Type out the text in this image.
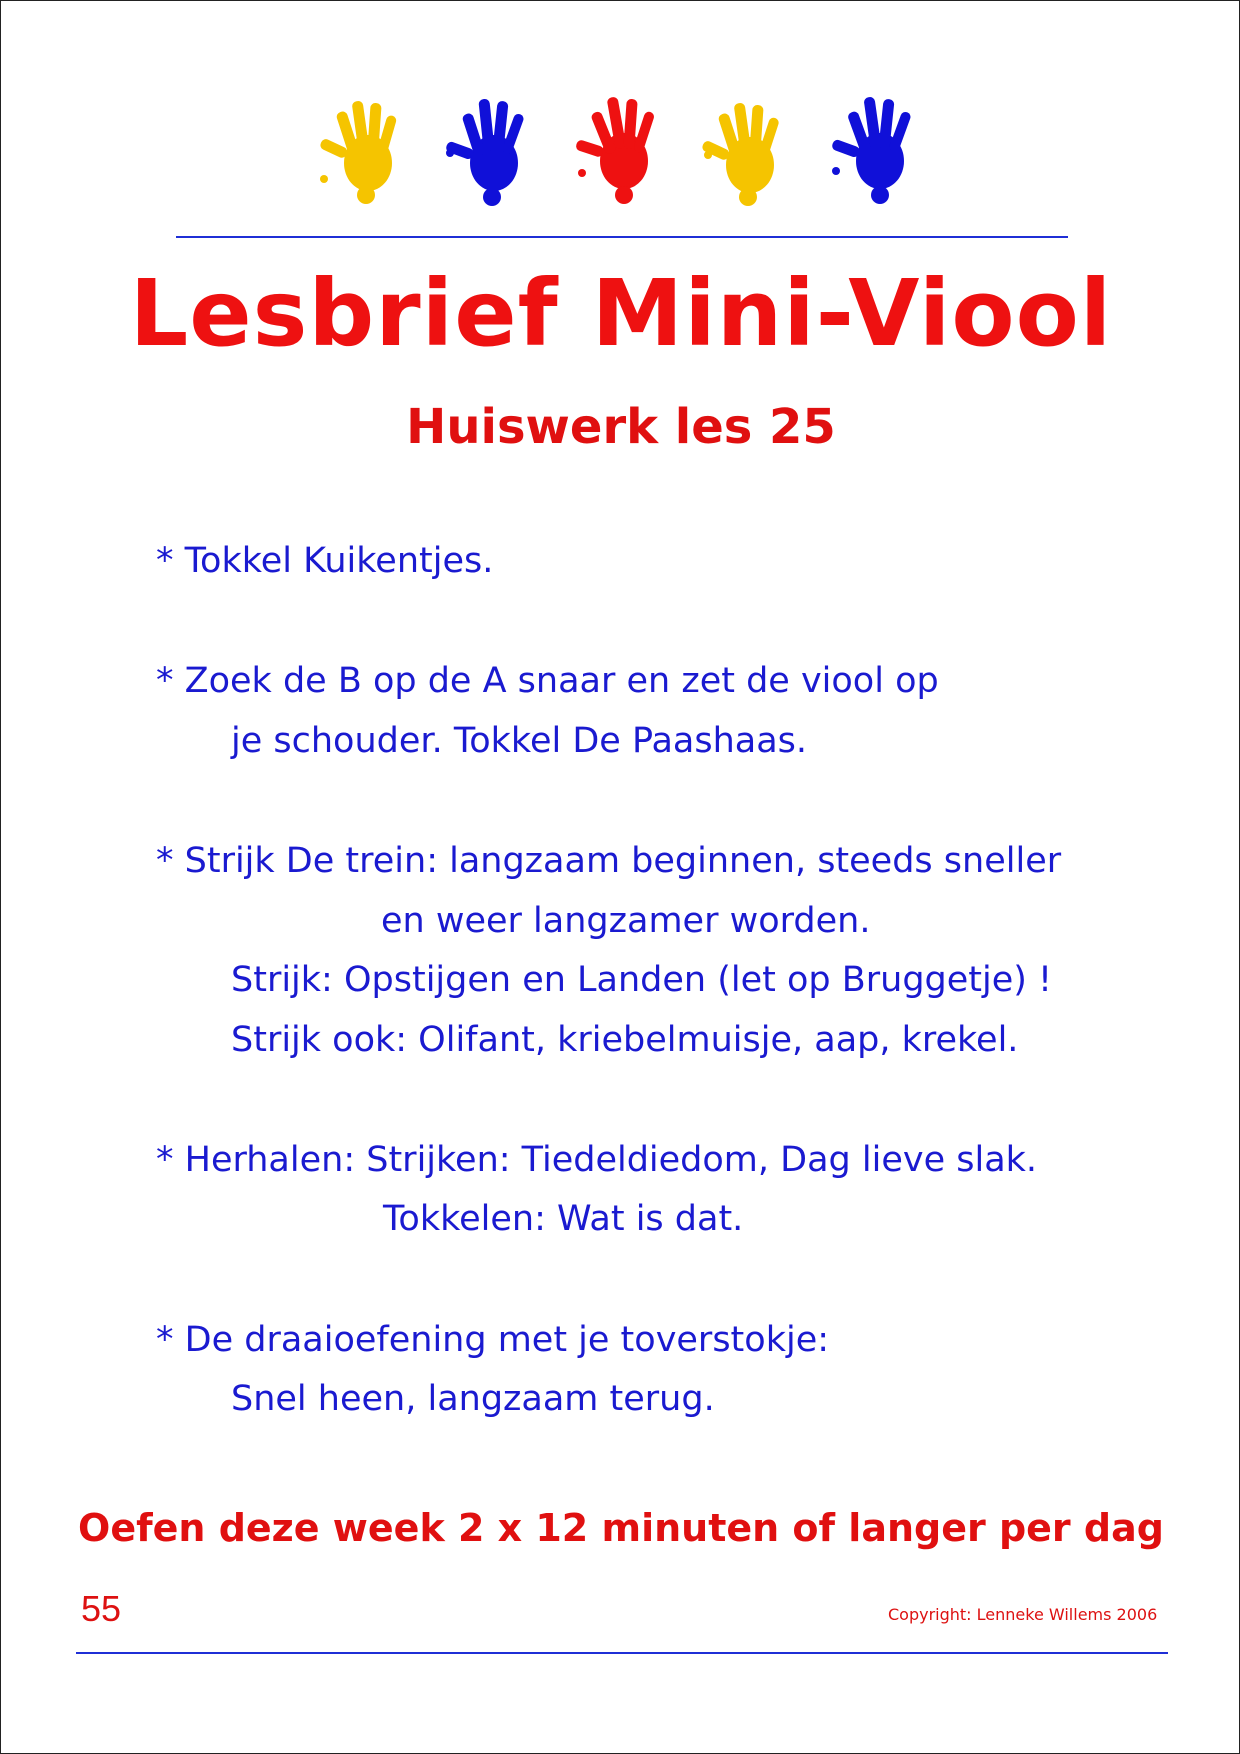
Lesbrief Mini-Viool
Huiswerk les 25
* Tokkel Kuikentjes.
* Zoek de B op de A snaar en zet de viool op
je schouder. Tokkel De Paashaas.
* Strijk De trein: langzaam beginnen, steeds sneller
en weer langzamer worden.
Strijk: Opstijgen en Landen (let op Bruggetje) !
Strijk ook: Olifant, kriebelmuisje, aap, krekel.
* Herhalen: Strijken: Tiedeldiedom, Dag lieve slak.
Tokkelen: Wat is dat.
* De draaioefening met je toverstokje:
Snel heen, langzaam terug.
Oefen deze week 2 x 12 minuten of langer per dag
55	Copyright: Lenneke Willems 2006
